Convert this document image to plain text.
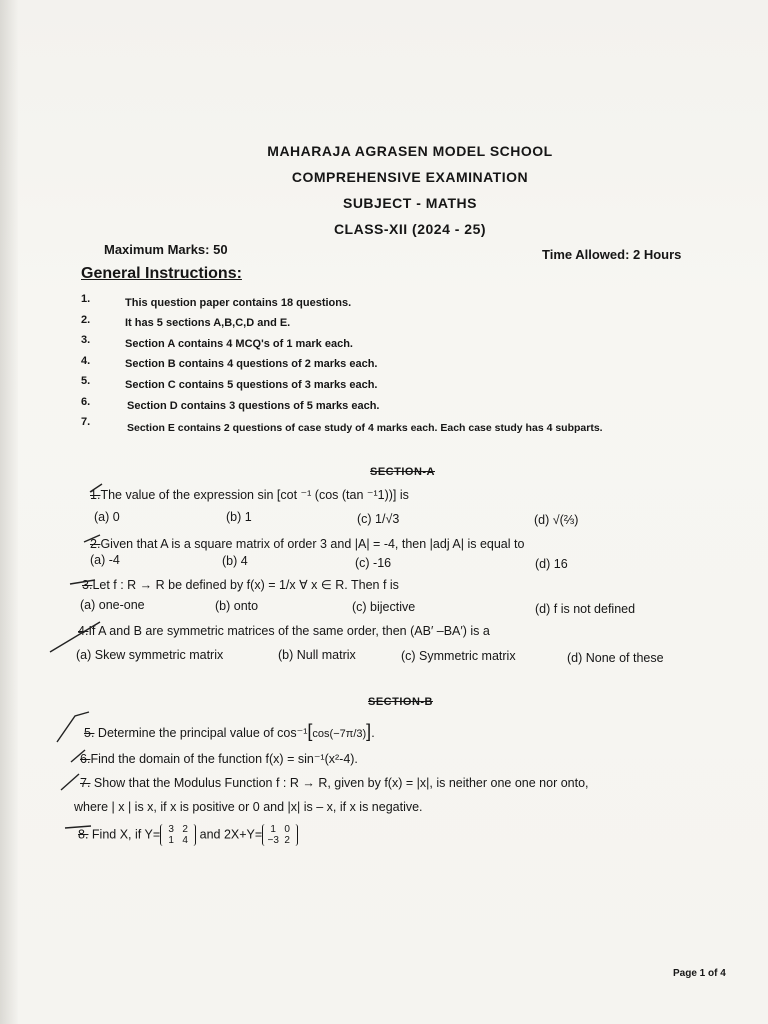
MAHARAJA AGRASEN MODEL SCHOOL
COMPREHENSIVE EXAMINATION
SUBJECT - MATHS
CLASS-XII (2024 - 25)
Maximum Marks: 50	Time Allowed: 2 Hours
General Instructions:
1.	This question paper contains 18 questions.
2.	It has 5 sections A,B,C,D and E.
3.	Section A contains 4 MCQ's of 1 mark each.
4.	Section B contains 4 questions of 2 marks each.
5.	Section C contains 5 questions of 3 marks each.
6.	Section D contains 3 questions of 5 marks each.
7.	Section E contains 2 questions of case study of 4 marks each. Each case study has 4 subparts.
SECTION-A
1.The value of the expression sin [cot ⁻¹ (cos (tan ⁻¹1))] is
(a) 0	(b) 1	(c) 1/√3	(d) √(⅔)
2.Given that A is a square matrix of order 3 and |A| = -4, then |adj A| is equal to
(a) -4	(b) 4	(c) -16	(d) 16
3.Let f : R → R be defined by f(x) = 1/x ∀ x ∈ R. Then f is
(a) one-one	(b) onto	(c) bijective	(d) f is not defined
4.If A and B are symmetric matrices of the same order, then (AB′ –BA′) is a
(a) Skew symmetric matrix	(b) Null matrix	(c) Symmetric matrix	(d) None of these
SECTION-B
5. Determine the principal value of cos⁻¹[cos(−7π/3)].
6.Find the domain of the function f(x) = sin⁻¹(x²-4).
7. Show that the Modulus Function f : R → R, given by f(x) = |x|, is neither one one nor onto,
where | x | is x, if x is positive or 0 and |x| is – x, if x is negative.
8. Find X, if Y= 3 2
1 4 and 2X+Y= 1 0
−3 2
Page 1 of 4
